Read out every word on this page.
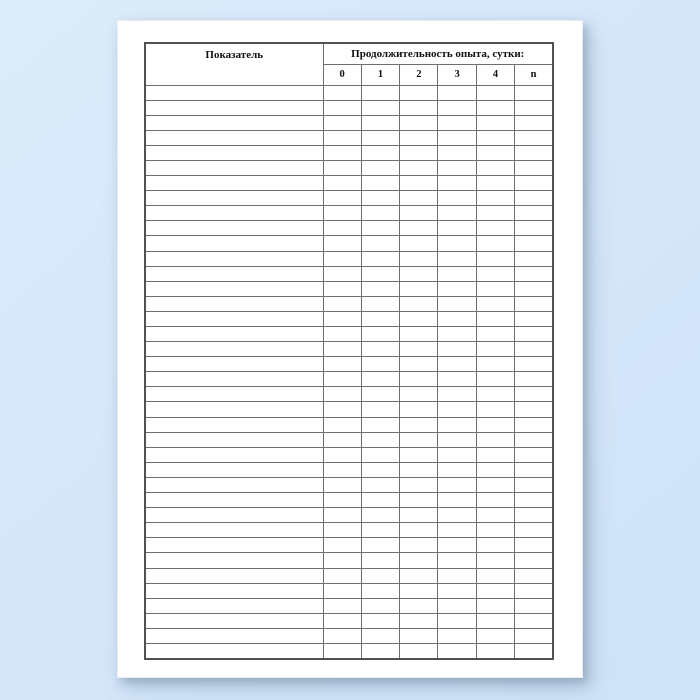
Показатель	Продолжительность опыта, сутки:					
	0	1	2	3	4	n
